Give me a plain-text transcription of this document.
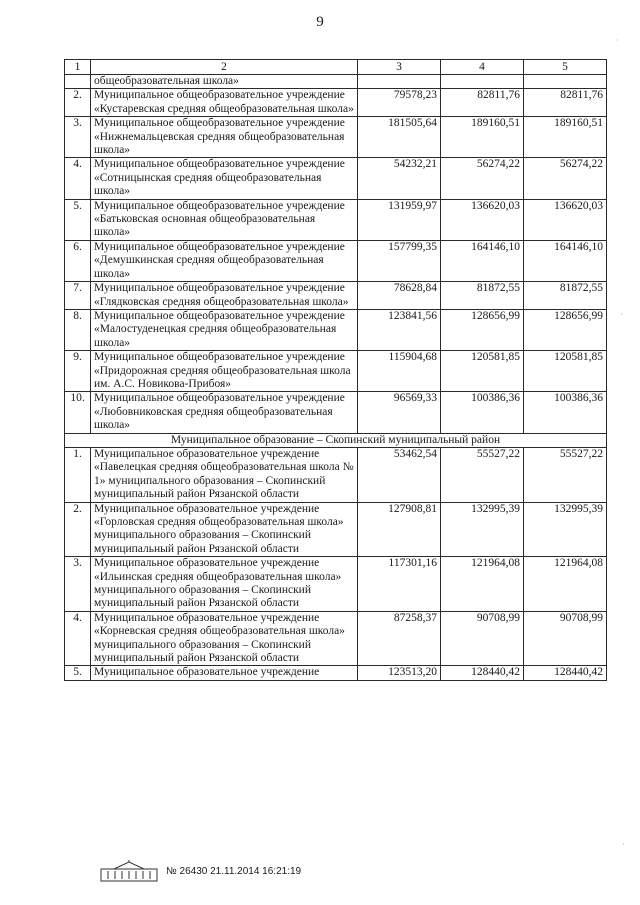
9
1	2	3	4	5
	общеобразовательная школа»			
2.	Муниципальное общеобразовательное учреждение «Кустаревская средняя общеобразовательная школа»	79578,23	82811,76	82811,76
3.	Муниципальное общеобразовательное учреждение «Нижнемальцевская средняя общеобразовательная школа»	181505,64	189160,51	189160,51
4.	Муниципальное общеобразовательное учреждение «Сотницынская средняя общеобразовательная школа»	54232,21	56274,22	56274,22
5.	Муниципальное общеобразовательное учреждение «Батьковская основная общеобразовательная школа»	131959,97	136620,03	136620,03
6.	Муниципальное общеобразовательное учреждение «Демушкинская средняя общеобразовательная школа»	157799,35	164146,10	164146,10
7.	Муниципальное общеобразовательное учреждение «Глядковская средняя общеобразовательная школа»	78628,84	81872,55	81872,55
8.	Муниципальное общеобразовательное учреждение «Малостуденецкая средняя общеобразовательная школа»	123841,56	128656,99	128656,99
9.	Муниципальное общеобразовательное учреждение «Придорожная средняя общеобразовательная школа им. А.С. Новикова-Прибоя»	115904,68	120581,85	120581,85
10.	Муниципальное общеобразовательное учреждение «Любовниковская средняя общеобразовательная школа»	96569,33	100386,36	100386,36
Муниципальное образование – Скопинский муниципальный район				
1.	Муниципальное образовательное учреждение «Павелецкая средняя общеобразовательная школа № 1» муниципального образования – Скопинский муниципальный район Рязанской области	53462,54	55527,22	55527,22
2.	Муниципальное образовательное учреждение «Горловская средняя общеобразовательная школа» муниципального образования – Скопинский муниципальный район Рязанской области	127908,81	132995,39	132995,39
3.	Муниципальное образовательное учреждение «Ильинская средняя общеобразовательная школа» муниципального образования – Скопинский муниципальный район Рязанской области	117301,16	121964,08	121964,08
4.	Муниципальное образовательное учреждение «Корневская средняя общеобразовательная школа» муниципального образования – Скопинский муниципальный район Рязанской области	87258,37	90708,99	90708,99
5.	Муниципальное образовательное учреждение	123513,20	128440,42	128440,42
№ 26430 21.11.2014 16:21:19
·
·
·
